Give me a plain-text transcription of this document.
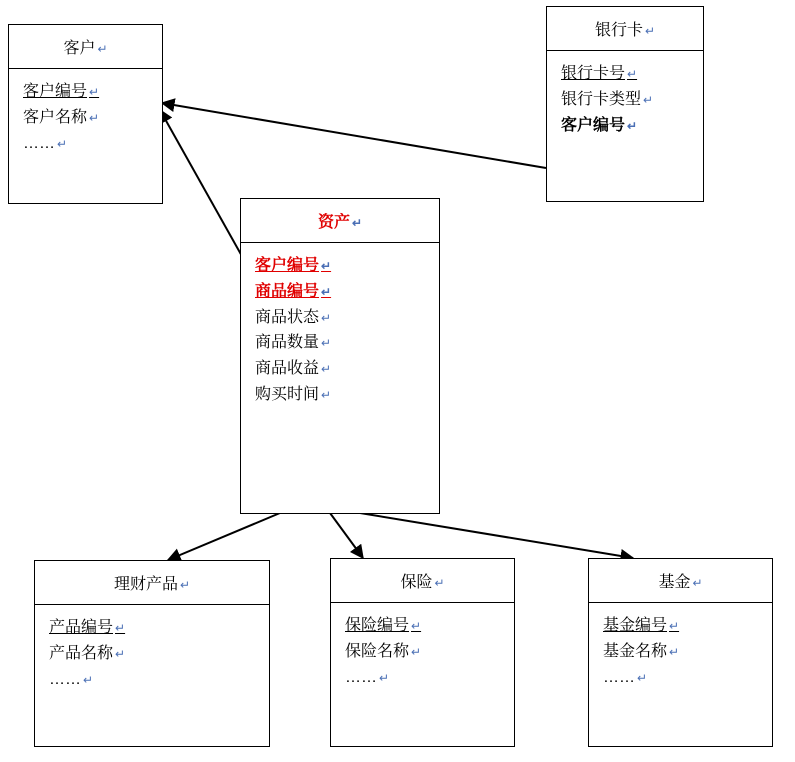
客户 ↵
客户编号 ↵
客户名称 ↵
…… ↵
银行卡 ↵
银行卡号 ↵
银行卡类型 ↵
客户编号 ↵
资产 ↵
客户编号 ↵
商品编号 ↵
商品状态 ↵
商品数量 ↵
商品收益 ↵
购买时间 ↵
理财产品 ↵
产品编号 ↵
产品名称 ↵
…… ↵
保险 ↵
保险编号 ↵
保险名称 ↵
…… ↵
基金 ↵
基金编号 ↵
基金名称 ↵
…… ↵
